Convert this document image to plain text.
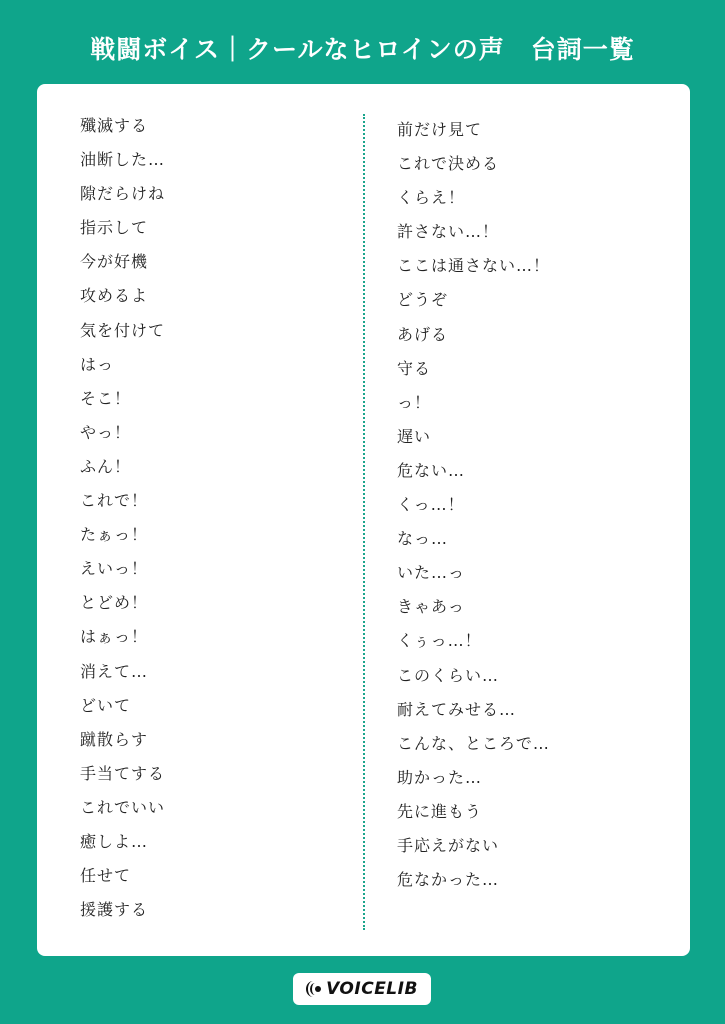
戦闘ボイス｜クールなヒロインの声　台詞一覧
殲滅する
油断した…
隙だらけね
指示して
今が好機
攻めるよ
気を付けて
はっ
そこ！
やっ！
ふん！
これで！
たぁっ！
えいっ！
とどめ！
はぁっ！
消えて…
どいて
蹴散らす
手当てする
これでいい
癒しよ…
任せて
援護する
前だけ見て
これで決める
くらえ！
許さない…！
ここは通さない…！
どうぞ
あげる
守る
っ！
遅い
危ない…
くっ…！
なっ…
いた…っ
きゃあっ
くぅっ…！
このくらい…
耐えてみせる…
こんな、ところで…
助かった…
先に進もう
手応えがない
危なかった…
VOICELIB
